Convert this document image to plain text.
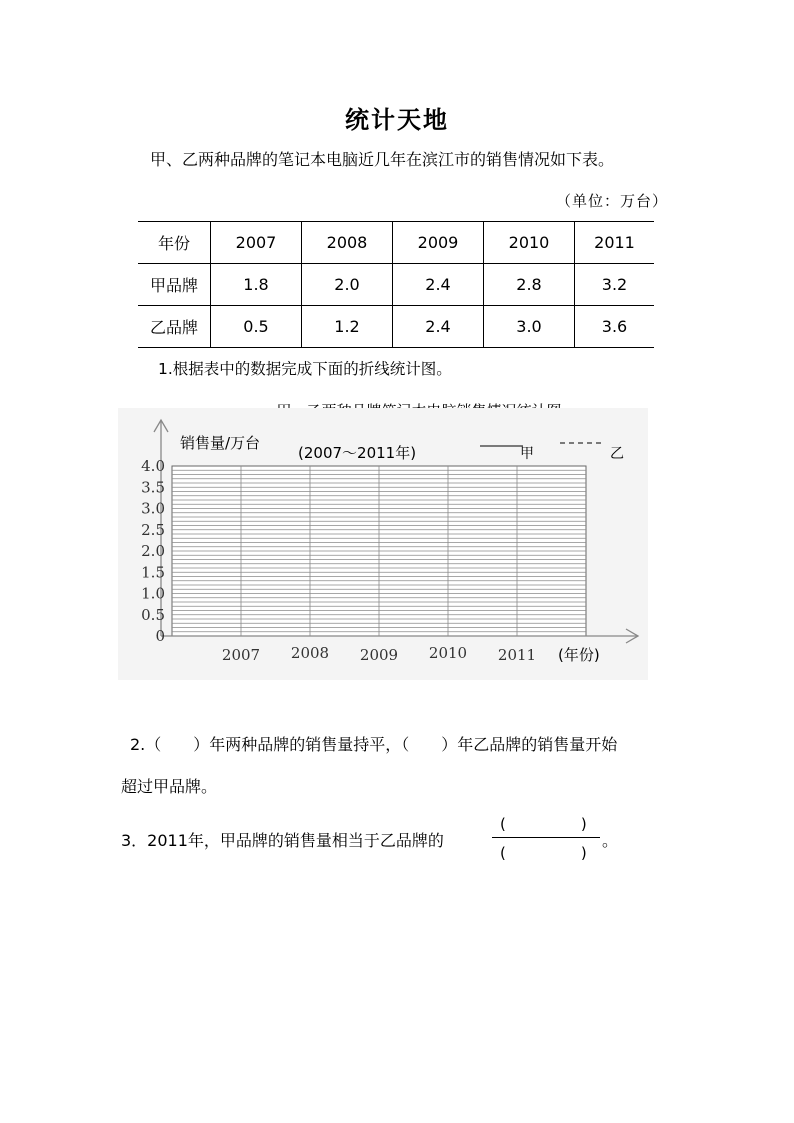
统计天地
甲、乙两种品牌的笔记本电脑近几年在滨江市的销售情况如下表。
（单位：万台）
年份	2007	2008	2009	2010	2011
甲品牌	1.8	2.0	2.4	2.8	3.2
乙品牌	0.5	1.2	2.4	3.0	3.6
1.根据表中的数据完成下面的折线统计图。
0
0.5
1.0
1.5
2.0
2.5
3.0
3.5
4.0
2007 2008 2009 2010 2011
销售量/万台
(2007～2011年)
(年份)
甲	乙
2.（　　）年两种品牌的销售量持平，（　　）年乙品牌的销售量开始
超过甲品牌。
3．2011年，甲品牌的销售量相当于乙品牌的
(　　　　　)
(　　　　　)
。
